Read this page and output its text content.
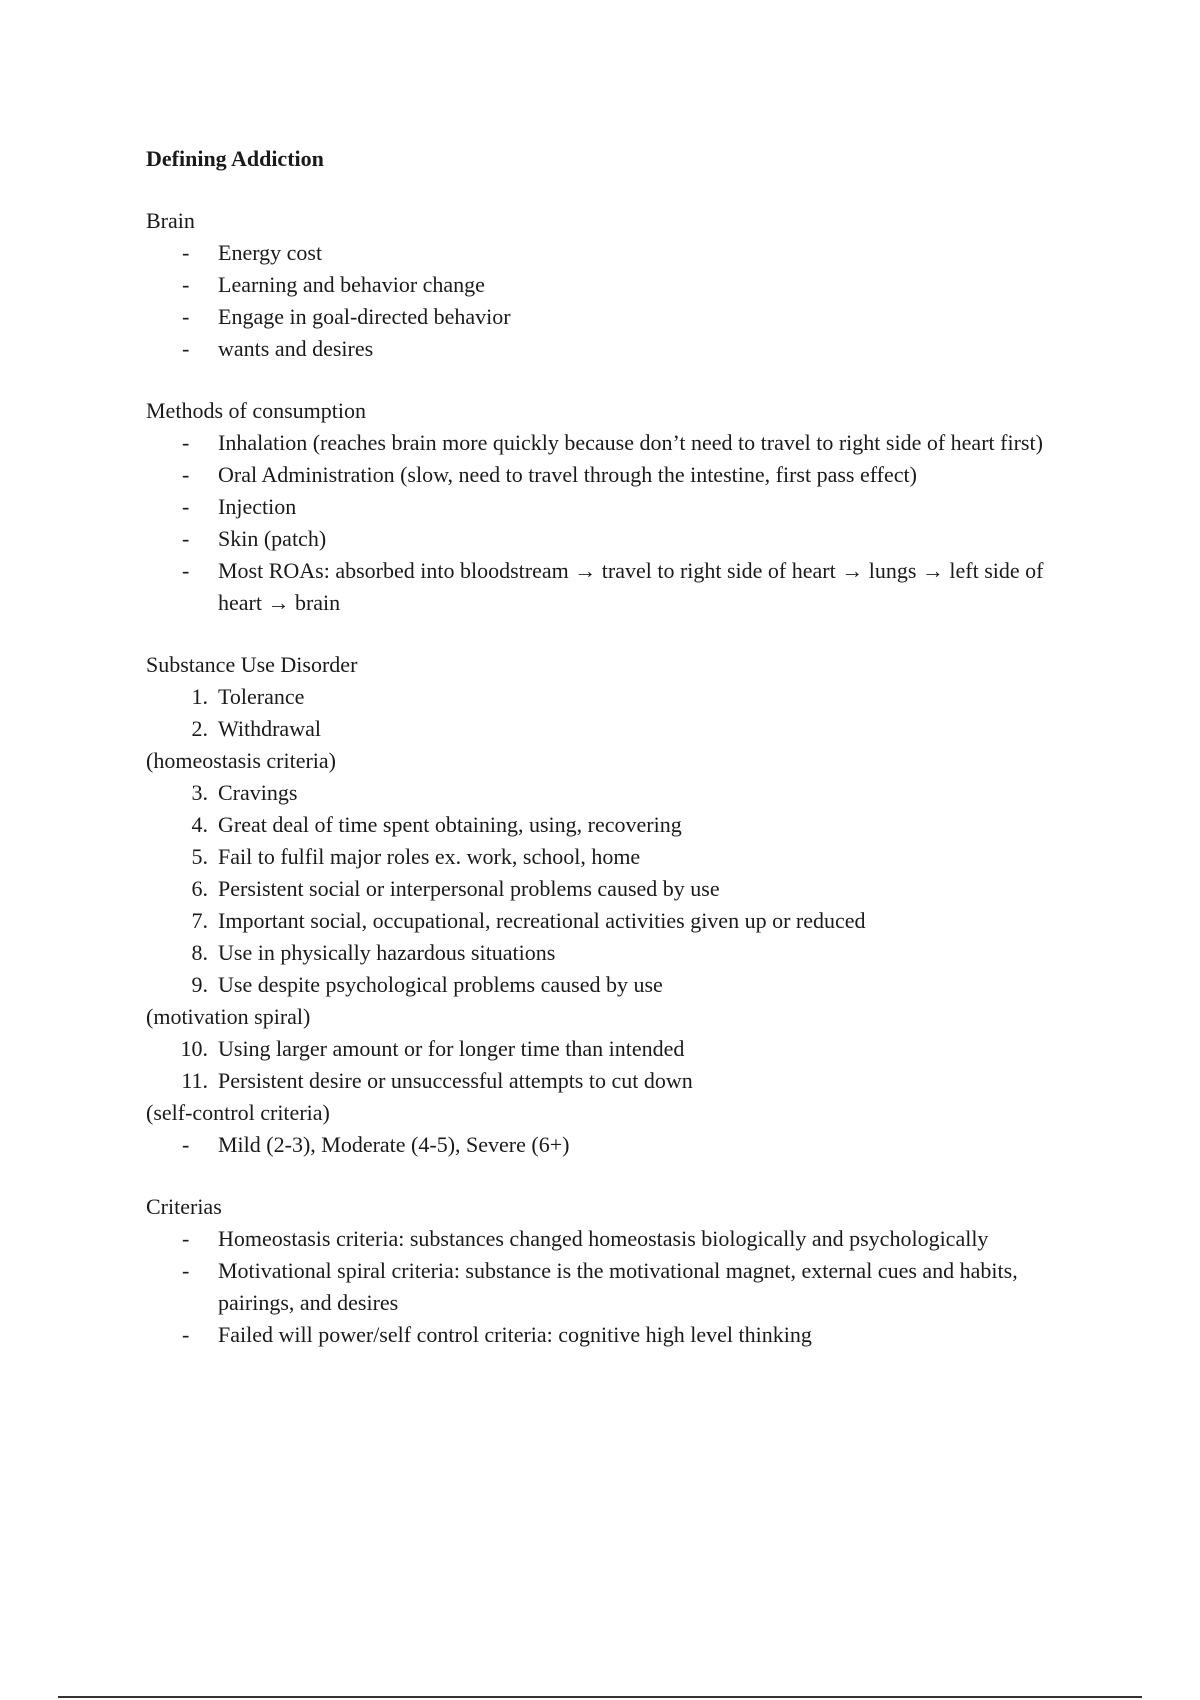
Defining Addiction

Brain

-	Energy cost
-	Learning and behavior change
-	Engage in goal-directed behavior
-	wants and desires

Methods of consumption

-	Inhalation (reaches brain more quickly because don’t need to travel to right side of heart first)
-	Oral Administration (slow, need to travel through the intestine, first pass effect)
-	Injection
-	Skin (patch)
-	Most ROAs: absorbed into bloodstream → travel to right side of heart → lungs → left side of heart → brain

Substance Use Disorder

1. Tolerance
2. Withdrawal
(homeostasis criteria)
3. Cravings
4. Great deal of time spent obtaining, using, recovering
5. Fail to fulfil major roles ex. work, school, home
6. Persistent social or interpersonal problems caused by use
7. Important social, occupational, recreational activities given up or reduced
8. Use in physically hazardous situations
9. Use despite psychological problems caused by use
(motivation spiral)
10. Using larger amount or for longer time than intended
11. Persistent desire or unsuccessful attempts to cut down
(self-control criteria)
-	Mild (2-3), Moderate (4-5), Severe (6+)

Criterias

-	Homeostasis criteria: substances changed homeostasis biologically and psychologically
-	Motivational spiral criteria: substance is the motivational magnet, external cues and habits, pairings, and desires
-	Failed will power/self control criteria: cognitive high level thinking
